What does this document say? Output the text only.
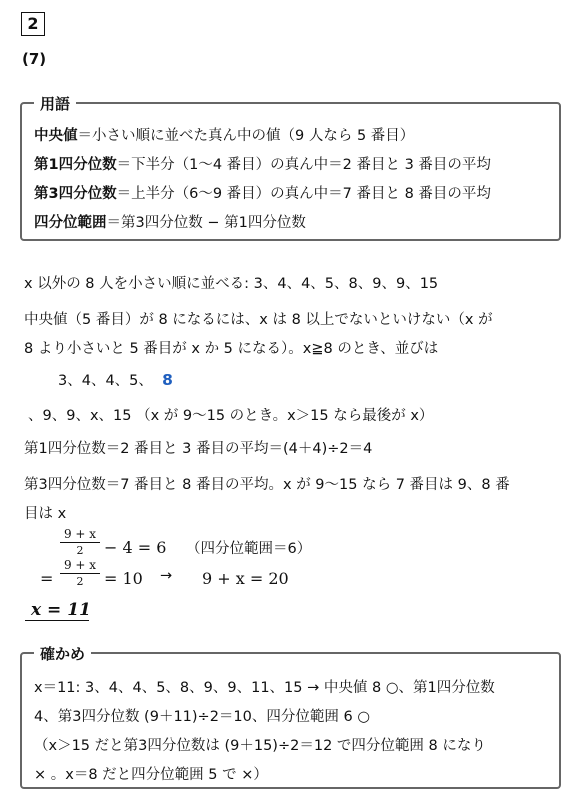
2
(7)
用語
中央値＝小さい順に並べた真ん中の値（9 人なら 5 番目）
第1四分位数＝下半分（1〜4 番目）の真ん中＝2 番目と 3 番目の平均
第3四分位数＝上半分（6〜9 番目）の真ん中＝7 番目と 8 番目の平均
四分位範囲＝第3四分位数 − 第1四分位数
x 以外の 8 人を小さい順に並べる: 3、4、4、5、8、9、9、15
中央値（5 番目）が 8 になるには、x は 8 以上でないといけない（x が
8 より小さいと 5 番目が x か 5 になる）。x≧8 のとき、並びは
3、4、4、5、 8
、9、9、x、15 （x が 9〜15 のとき。x＞15 なら最後が x）
第1四分位数＝2 番目と 3 番目の平均＝(4＋4)÷2＝4
第3四分位数＝7 番目と 8 番目の平均。x が 9〜15 なら 7 番目は 9、8 番
目は x
9 + x
2	− 4 = 6 （四分位範囲＝6）
=
9 + x
2	= 10 → 9 + x = 20
x = 11
確かめ
x＝11: 3、4、4、5、8、9、9、11、15 → 中央値 8 ○、第1四分位数
4、第3四分位数 (9＋11)÷2＝10、四分位範囲 6 ○
（x＞15 だと第3四分位数は (9＋15)÷2＝12 で四分位範囲 8 になり
× 。x＝8 だと四分位範囲 5 で ×）
